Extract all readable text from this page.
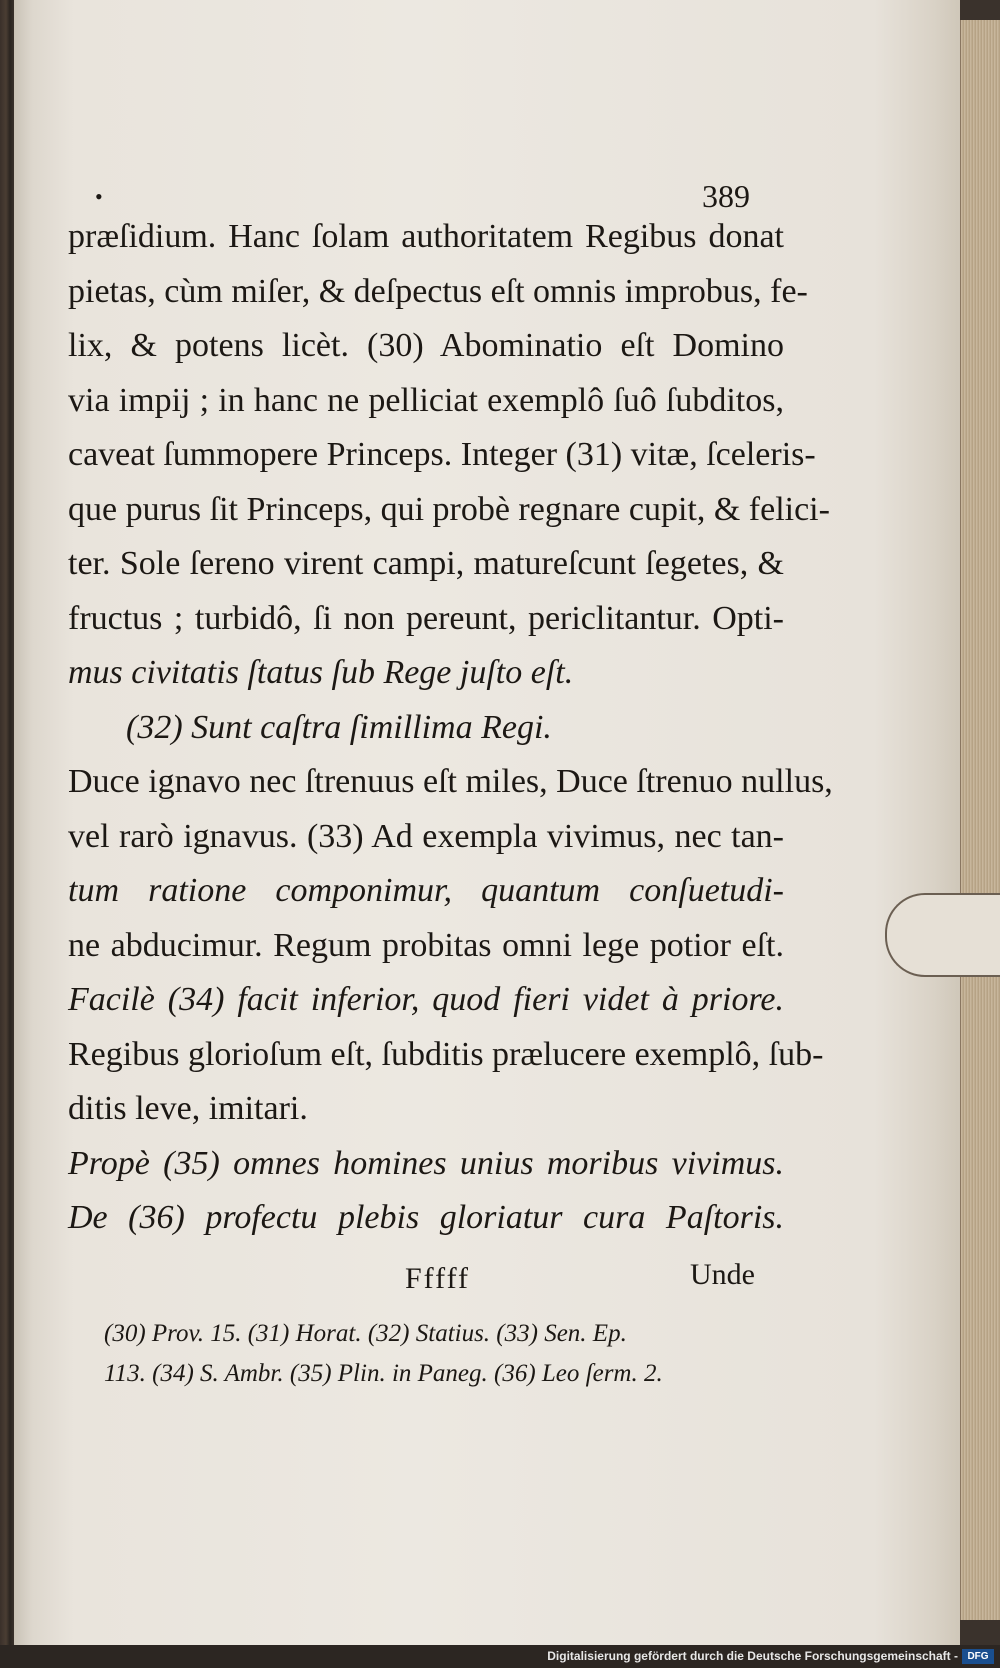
•	389
præſidium. Hanc ſolam authoritatem Regibus donat
pietas, cùm miſer, & deſpectus eſt omnis improbus, fe-
lix, & potens licèt. (30) Abominatio eſt Domino
via impij ; in hanc ne pelliciat exemplô ſuô ſubditos,
caveat ſummopere Princeps. Integer (31) vitæ, ſceleris-
que purus ſit Princeps, qui probè regnare cupit, & felici-
ter. Sole ſereno virent campi, matureſcunt ſegetes, &
fructus ; turbidô, ſi non pereunt, periclitantur. Opti-
mus civitatis ſtatus ſub Rege juſto eſt.
(32) Sunt caſtra ſimillima Regi.
Duce ignavo nec ſtrenuus eſt miles, Duce ſtrenuo nullus,
vel rarò ignavus. (33) Ad exempla vivimus, nec tan-
tum ratione componimur, quantum conſuetudi-
ne abducimur. Regum probitas omni lege potior eſt.
Facilè (34) facit inferior, quod fieri videt à priore.
Regibus glorioſum eſt, ſubditis prælucere exemplô, ſub-
ditis leve, imitari.
Propè (35) omnes homines unius moribus vivimus.
De (36) profectu plebis gloriatur cura Paſtoris.
Fffff	Unde
(30) Prov. 15. (31) Horat. (32) Statius. (33) Sen. Ep.
113. (34) S. Ambr. (35) Plin. in Paneg. (36) Leo ſerm. 2.
Digitalisierung gefördert durch die Deutsche Forschungsgemeinschaft - DFG
